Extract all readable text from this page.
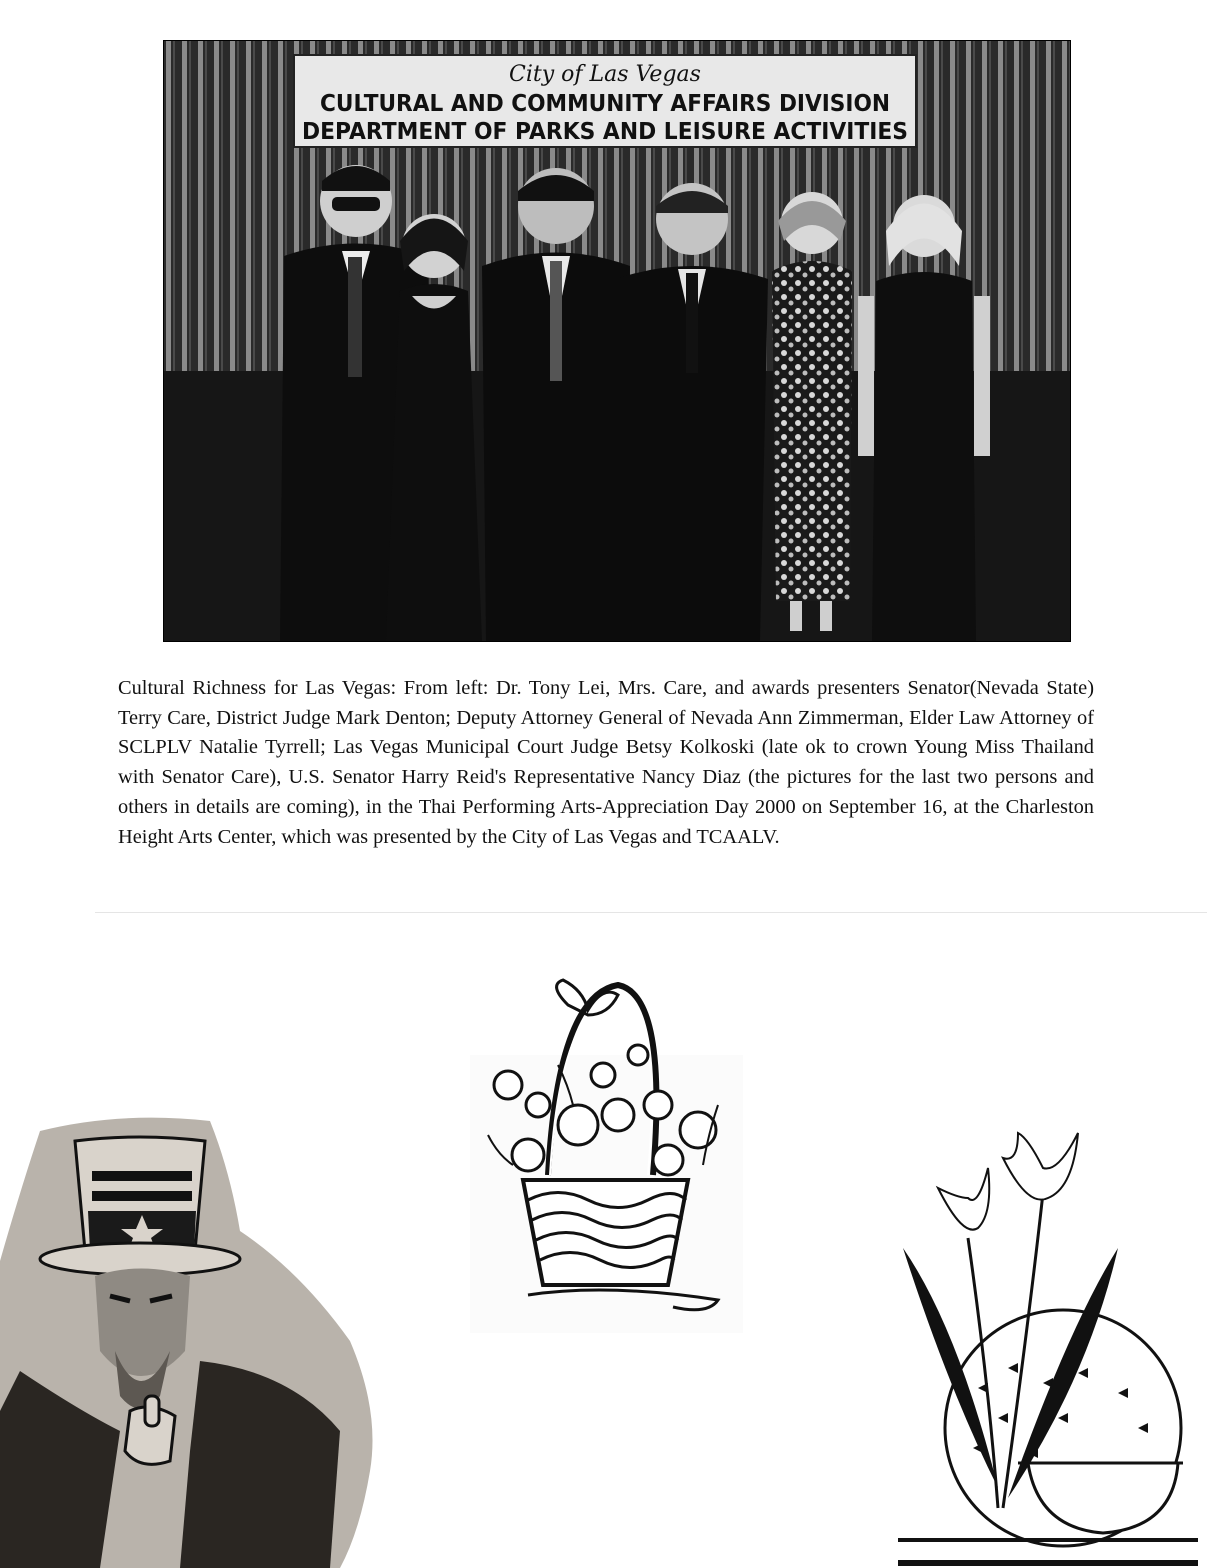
City of Las Vegas
CULTURAL AND COMMUNITY AFFAIRS DIVISION
DEPARTMENT OF PARKS AND LEISURE ACTIVITIES

Cultural Richness for Las Vegas: From left: Dr. Tony Lei, Mrs. Care, and awards presenters Senator(Nevada State) Terry Care, District Judge Mark Denton; Deputy Attorney General of Nevada Ann Zimmerman, Elder Law Attorney of SCLPLV Natalie Tyrrell; Las Vegas Municipal Court Judge Betsy Kolkoski (late ok to crown Young Miss Thailand with Senator Care), U.S. Senator Harry Reid's Representative Nancy Diaz (the pictures for the last two persons and others in details are coming), in the Thai Performing Arts-Appreciation Day 2000 on September 16, at the Charleston Height Arts Center, which was presented by the City of Las Vegas and TCAALV.
